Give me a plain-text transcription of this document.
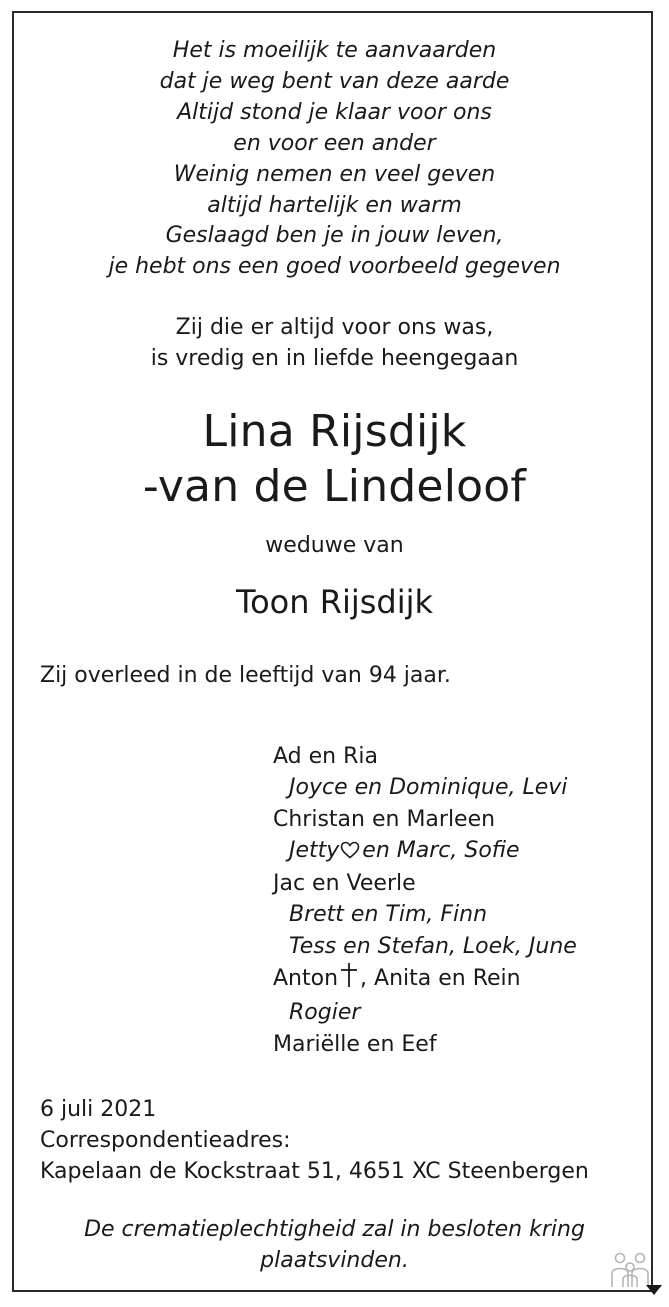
Het is moeilijk te aanvaarden
dat je weg bent van deze aarde
Altijd stond je klaar voor ons
en voor een ander
Weinig nemen en veel geven
altijd hartelijk en warm
Geslaagd ben je in jouw leven,
je hebt ons een goed voorbeeld gegeven
Zij die er altijd voor ons was,
is vredig en in liefde heengegaan
Lina Rijsdijk
-van de Lindeloof
weduwe van
Toon Rijsdijk
Zij overleed in de leeftijd van 94 jaar.
Ad en Ria
Joyce en Dominique, Levi
Christan en Marleen
Jetty en Marc, Sofie
Jac en Veerle
Brett en Tim, Finn
Tess en Stefan, Loek, June
Anton , Anita en Rein
Rogier
Mariëlle en Eef
6 juli 2021
Correspondentieadres:
Kapelaan de Kockstraat 51, 4651 XC Steenbergen
De crematieplechtigheid zal in besloten kring
plaatsvinden.
